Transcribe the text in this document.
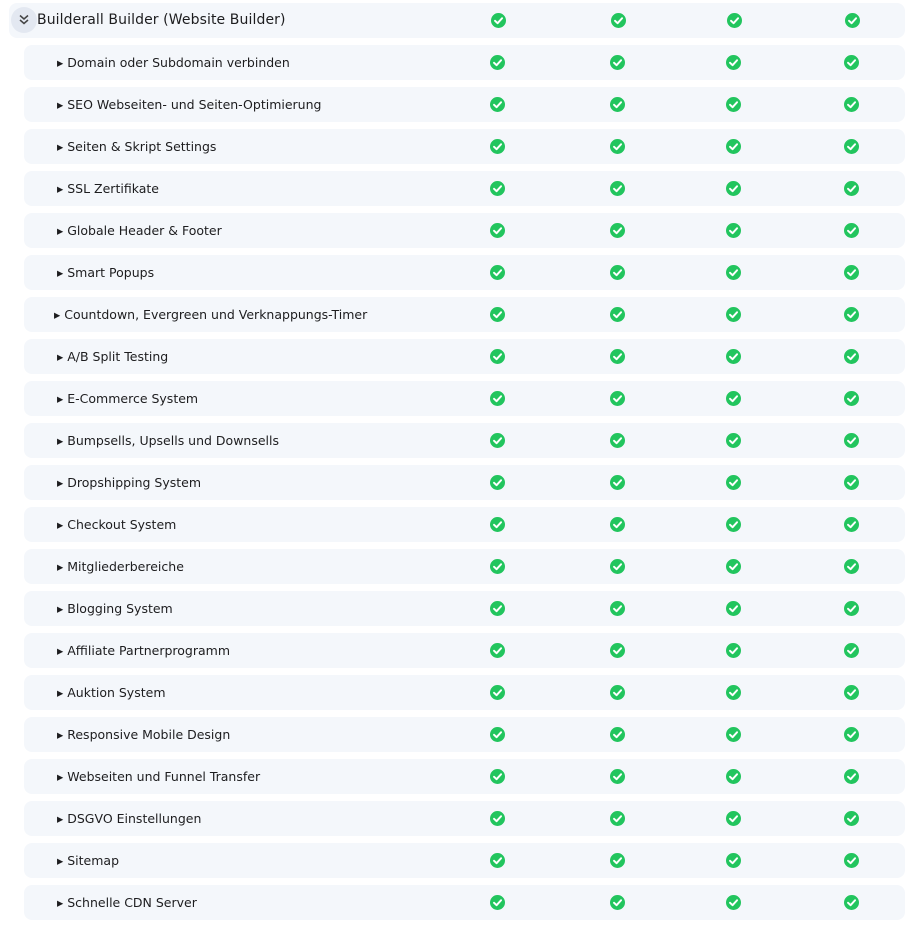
Builderall Builder (Website Builder)
▸ Domain oder Subdomain verbinden
▸ SEO Webseiten- und Seiten-Optimierung
▸ Seiten & Skript Settings
▸ SSL Zertifikate
▸ Globale Header & Footer
▸ Smart Popups
▸ Countdown, Evergreen und Verknappungs-Timer
▸ A/B Split Testing
▸ E-Commerce System
▸ Bumpsells, Upsells und Downsells
▸ Dropshipping System
▸ Checkout System
▸ Mitgliederbereiche
▸ Blogging System
▸ Affiliate Partnerprogramm
▸ Auktion System
▸ Responsive Mobile Design
▸ Webseiten und Funnel Transfer
▸ DSGVO Einstellungen
▸ Sitemap
▸ Schnelle CDN Server
